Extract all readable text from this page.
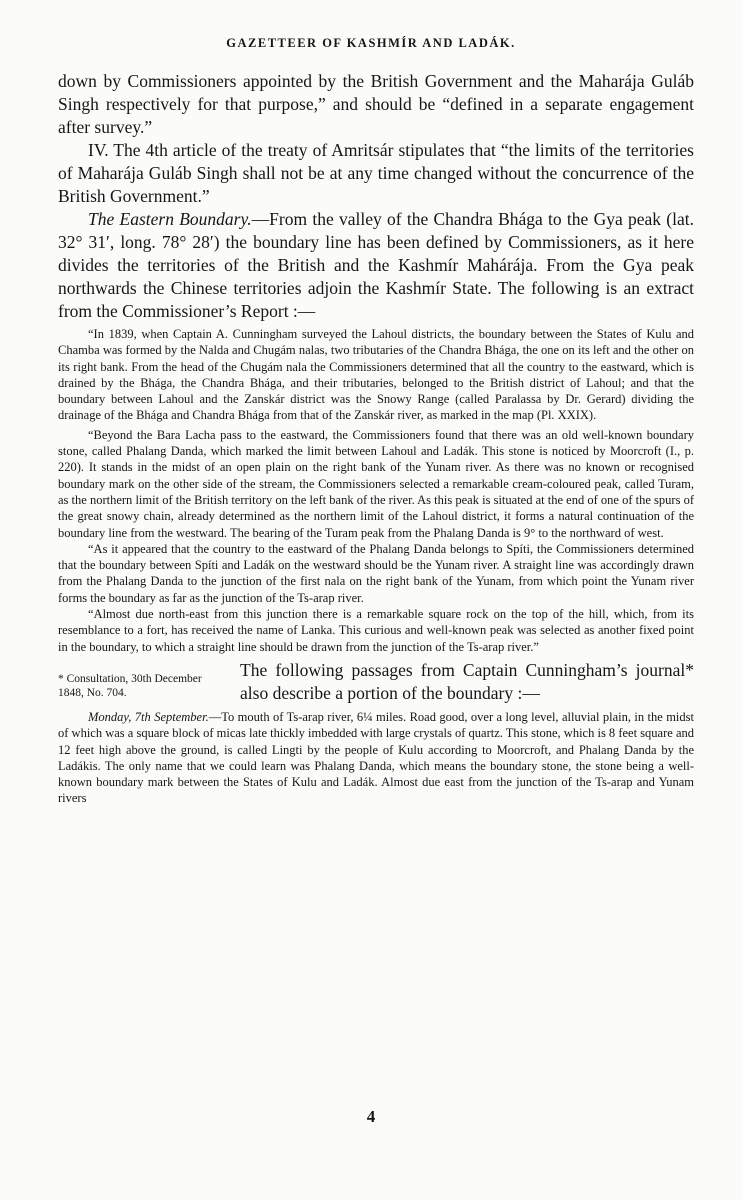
GAZETTEER OF KASHMÍR AND LADÁK.

down by Commissioners appointed by the British Government and the Maharája Guláb Singh respectively for that purpose,” and should be “defined in a separate engagement after survey.”

IV. The 4th article of the treaty of Amritsár stipulates that “the limits of the territories of Maharája Guláb Singh shall not be at any time changed without the concurrence of the British Government.”

The Eastern Boundary.—From the valley of the Chandra Bhága to the Gya peak (lat. 32° 31′, long. 78° 28′) the boundary line has been defined by Commissioners, as it here divides the territories of the British and the Kashmír Mahárája. From the Gya peak northwards the Chinese territories adjoin the Kashmír State. The following is an extract from the Commissioner’s Report :—

“In 1839, when Captain A. Cunningham surveyed the Lahoul districts, the boundary between the States of Kulu and Chamba was formed by the Nalda and Chugám nalas, two tributaries of the Chandra Bhága, the one on its left and the other on its right bank. From the head of the Chugám nala the Commissioners determined that all the country to the eastward, which is drained by the Bhága, the Chandra Bhága, and their tributaries, belonged to the British district of Lahoul; and that the boundary between Lahoul and the Zanskár district was the Snowy Range (called Paralassa by Dr. Gerard) dividing the drainage of the Bhága and Chandra Bhága from that of the Zanskár river, as marked in the map (Pl. XXIX).

“Beyond the Bara Lacha pass to the eastward, the Commissioners found that there was an old well-known boundary stone, called Phalang Danda, which marked the limit between Lahoul and Ladák. This stone is noticed by Moorcroft (I., p. 220). It stands in the midst of an open plain on the right bank of the Yunam river. As there was no known or recognised boundary mark on the other side of the stream, the Commissioners selected a remarkable cream-coloured peak, called Turam, as the northern limit of the British territory on the left bank of the river. As this peak is situated at the end of one of the spurs of the great snowy chain, already determined as the northern limit of the Lahoul district, it forms a natural continuation of the boundary line from the westward. The bearing of the Turam peak from the Phalang Danda is 9° to the northward of west.

“As it appeared that the country to the eastward of the Phalang Danda belongs to Spíti, the Commissioners determined that the boundary between Spíti and Ladák on the westward should be the Yunam river. A straight line was accordingly drawn from the Phalang Danda to the junction of the first nala on the right bank of the Yunam, from which point the Yunam river forms the boundary as far as the junction of the Ts-arap river.

“Almost due north-east from this junction there is a remarkable square rock on the top of the hill, which, from its resemblance to a fort, has received the name of Lanka. This curious and well-known peak was selected as another fixed point in the boundary, to which a straight line should be drawn from the junction of the Ts-arap river.”

* Consultation, 30th December 1848, No. 704.

The following passages from Captain Cunningham’s journal* also describe a portion of the boundary :—

Monday, 7th September.—To mouth of Ts-arap river, 6¼ miles. Road good, over a long level, alluvial plain, in the midst of which was a square block of micas late thickly imbedded with large crystals of quartz. This stone, which is 8 feet square and 12 feet high above the ground, is called Lingti by the people of Kulu according to Moorcroft, and Phalang Danda by the Ladákis. The only name that we could learn was Phalang Danda, which means the boundary stone, the stone being a well-known boundary mark between the States of Kulu and Ladák. Almost due east from the junction of the Ts-arap and Yunam rivers

4
